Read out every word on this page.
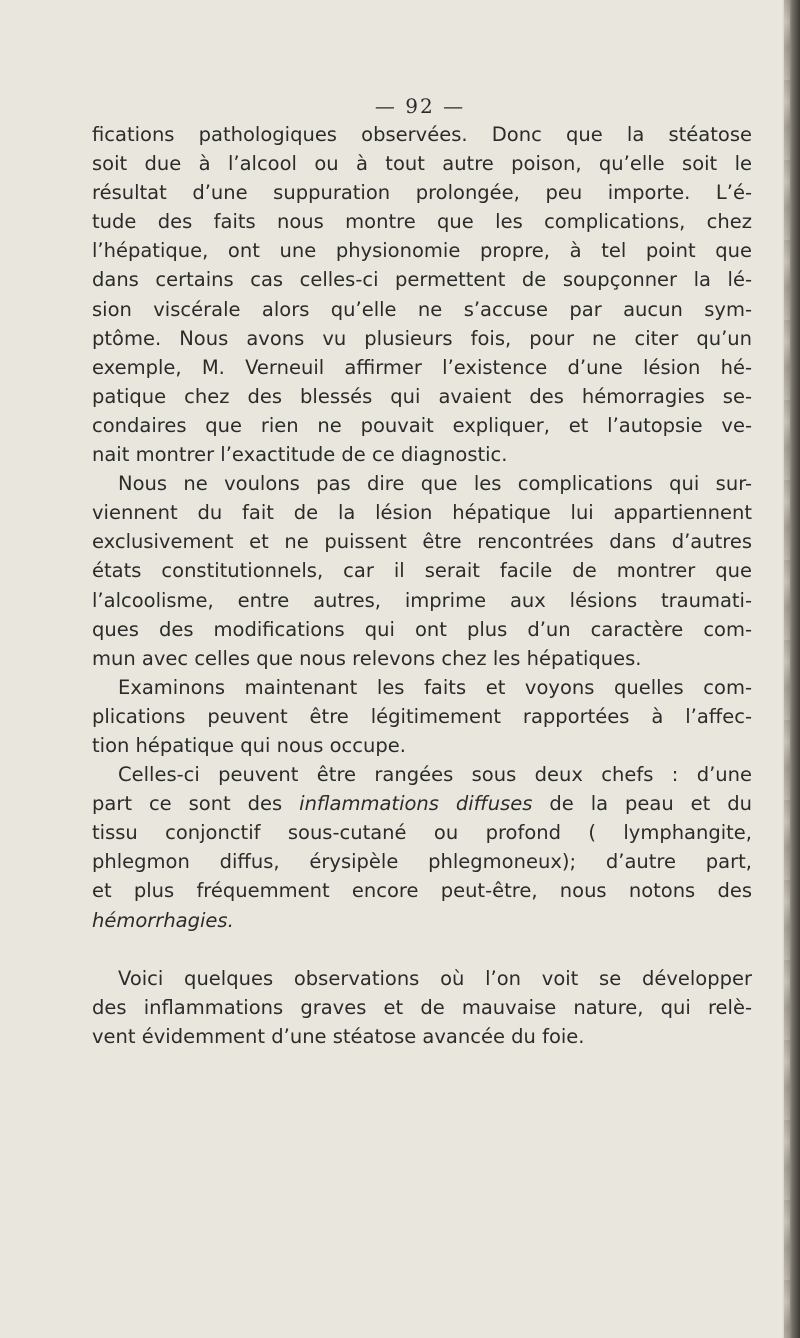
— 92 —
fications pathologiques observées. Donc que la stéatose
soit due à l’alcool ou à tout autre poison, qu’elle soit le
résultat d’une suppuration prolongée, peu importe. L’é-
tude des faits nous montre que les complications, chez
l’hépatique, ont une physionomie propre, à tel point que
dans certains cas celles-ci permettent de soupçonner la lé-
sion viscérale alors qu’elle ne s’accuse par aucun sym-
ptôme. Nous avons vu plusieurs fois, pour ne citer qu’un
exemple, M. Verneuil affirmer l’existence d’une lésion hé-
patique chez des blessés qui avaient des hémorragies se-
condaires que rien ne pouvait expliquer, et l’autopsie ve-
nait montrer l’exactitude de ce diagnostic.
Nous ne voulons pas dire que les complications qui sur-
viennent du fait de la lésion hépatique lui appartiennent
exclusivement et ne puissent être rencontrées dans d’autres
états constitutionnels, car il serait facile de montrer que
l’alcoolisme, entre autres, imprime aux lésions traumati-
ques des modifications qui ont plus d’un caractère com-
mun avec celles que nous relevons chez les hépatiques.
Examinons maintenant les faits et voyons quelles com-
plications peuvent être légitimement rapportées à l’affec-
tion hépatique qui nous occupe.
Celles-ci peuvent être rangées sous deux chefs : d’une
part ce sont des inflammations diffuses de la peau et du
tissu conjonctif sous-cutané ou profond ( lymphangite,
phlegmon diffus, érysipèle phlegmoneux); d’autre part,
et plus fréquemment encore peut-être, nous notons des
hémorrhagies.
Voici quelques observations où l’on voit se développer
des inflammations graves et de mauvaise nature, qui relè-
vent évidemment d’une stéatose avancée du foie.
